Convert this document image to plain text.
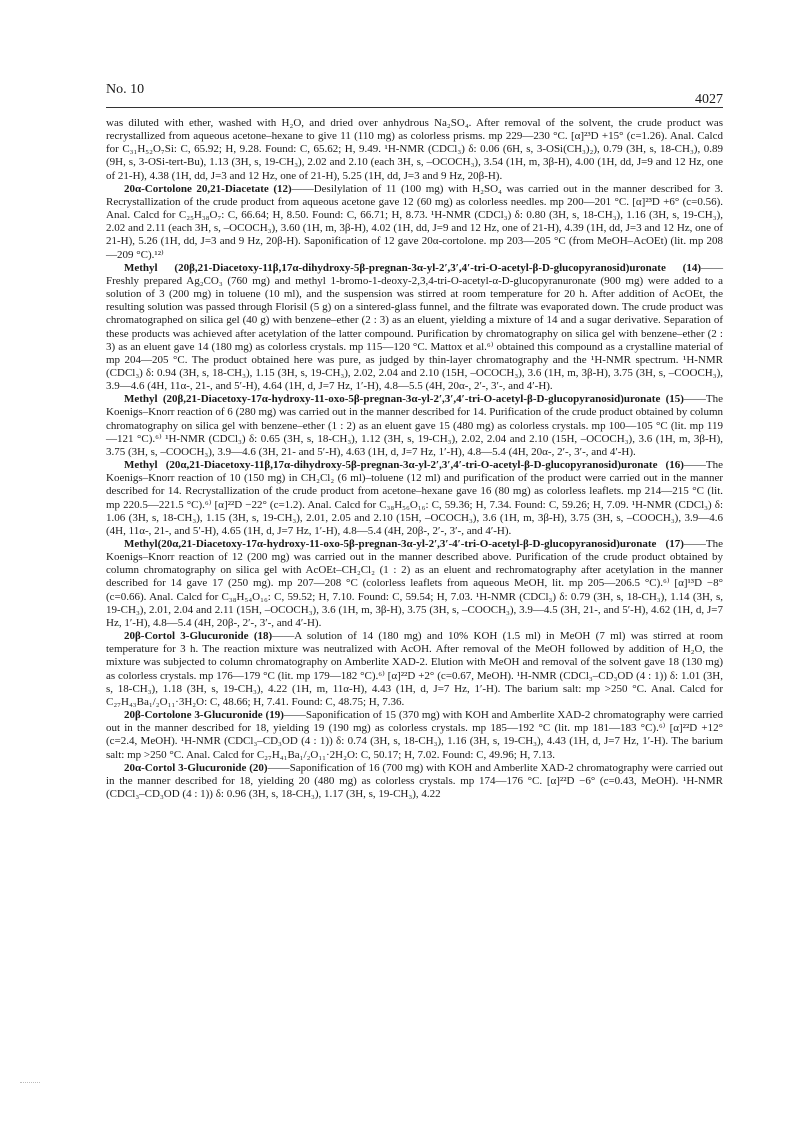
No. 10
4027

was diluted with ether, washed with H₂O, and dried over anhydrous Na₂SO₄. After removal of the solvent, the crude product was recrystallized from aqueous acetone–hexane to give 11 (110 mg) as colorless prisms. mp 229—230 °C. [α]²³D +15° (c=1.26). Anal. Calcd for C₃₁H₅₂O₇Si: C, 65.92; H, 9.28. Found: C, 65.62; H, 9.49. ¹H-NMR (CDCl₃) δ: 0.06 (6H, s, 3-OSi(CH₃)₂), 0.79 (3H, s, 18-CH₃), 0.89 (9H, s, 3-OSi-tert-Bu), 1.13 (3H, s, 19-CH₃), 2.02 and 2.10 (each 3H, s, –OCOCH₃), 3.54 (1H, m, 3β-H), 4.00 (1H, dd, J=9 and 12 Hz, one of 21-H), 4.38 (1H, dd, J=3 and 12 Hz, one of 21-H), 5.25 (1H, dd, J=3 and 9 Hz, 20β-H).

20α-Cortolone 20,21-Diacetate (12)——Desilylation of 11 (100 mg) with H₂SO₄ was carried out in the manner described for 3. Recrystallization of the crude product from aqueous acetone gave 12 (60 mg) as colorless needles. mp 200—201 °C. [α]²³D +6° (c=0.56). Anal. Calcd for C₂₅H₃₈O₇: C, 66.64; H, 8.50. Found: C, 66.71; H, 8.73. ¹H-NMR (CDCl₃) δ: 0.80 (3H, s, 18-CH₃), 1.16 (3H, s, 19-CH₃), 2.02 and 2.11 (each 3H, s, –OCOCH₃), 3.60 (1H, m, 3β-H), 4.02 (1H, dd, J=9 and 12 Hz, one of 21-H), 4.39 (1H, dd, J=3 and 12 Hz, one of 21-H), 5.26 (1H, dd, J=3 and 9 Hz, 20β-H). Saponification of 12 gave 20α-cortolone. mp 203—205 °C (from MeOH–AcOEt) (lit. mp 208—209 °C).¹²⁾

Methyl (20β,21-Diacetoxy-11β,17α-dihydroxy-5β-pregnan-3α-yl-2′,3′,4′-tri-O-acetyl-β-D-glucopyranosid)uronate (14)——Freshly prepared Ag₂CO₃ (760 mg) and methyl 1-bromo-1-deoxy-2,3,4-tri-O-acetyl-α-D-glucopyranuronate (900 mg) were added to a solution of 3 (200 mg) in toluene (10 ml), and the suspension was stirred at room temperature for 20 h. After addition of AcOEt, the resulting solution was passed through Florisil (5 g) on a sintered-glass funnel, and the filtrate was evaporated down. The crude product was chromatographed on silica gel (40 g) with benzene–ether (2 : 3) as an eluent, yielding a mixture of 14 and a sugar derivative. Separation of these products was achieved after acetylation of the latter compound. Purification by chromatography on silica gel with benzene–ether (2 : 3) as an eluent gave 14 (180 mg) as colorless crystals. mp 115—120 °C. Mattox et al.⁶⁾ obtained this compound as a crystalline material of mp 204—205 °C. The product obtained here was pure, as judged by thin-layer chromatography and the ¹H-NMR spectrum. ¹H-NMR (CDCl₃) δ: 0.94 (3H, s, 18-CH₃), 1.15 (3H, s, 19-CH₃), 2.02, 2.04 and 2.10 (15H, –OCOCH₃), 3.6 (1H, m, 3β-H), 3.75 (3H, s, –COOCH₃), 3.9—4.6 (4H, 11α-, 21-, and 5′-H), 4.64 (1H, d, J=7 Hz, 1′-H), 4.8—5.5 (4H, 20α-, 2′-, 3′-, and 4′-H).

Methyl (20β,21-Diacetoxy-17α-hydroxy-11-oxo-5β-pregnan-3α-yl-2′,3′,4′-tri-O-acetyl-β-D-glucopyranosid)uronate (15)——The Koenigs–Knorr reaction of 6 (280 mg) was carried out in the manner described for 14. Purification of the crude product obtained by column chromatography on silica gel with benzene–ether (1 : 2) as an eluent gave 15 (480 mg) as colorless crystals. mp 100—105 °C (lit. mp 119—121 °C).⁶⁾ ¹H-NMR (CDCl₃) δ: 0.65 (3H, s, 18-CH₃), 1.12 (3H, s, 19-CH₃), 2.02, 2.04 and 2.10 (15H, –OCOCH₃), 3.6 (1H, m, 3β-H), 3.75 (3H, s, –COOCH₃), 3.9—4.6 (3H, 21- and 5′-H), 4.63 (1H, d, J=7 Hz, 1′-H), 4.8—5.4 (4H, 20α-, 2′-, 3′-, and 4′-H).

Methyl (20α,21-Diacetoxy-11β,17α-dihydroxy-5β-pregnan-3α-yl-2′,3′,4′-tri-O-acetyl-β-D-glucopyranosid)uronate (16)——The Koenigs–Knorr reaction of 10 (150 mg) in CH₂Cl₂ (6 ml)–toluene (12 ml) and purification of the product were carried out in the manner described for 14. Recrystallization of the crude product from acetone–hexane gave 16 (80 mg) as colorless leaflets. mp 214—215 °C (lit. mp 220.5—221.5 °C).⁶⁾ [α]²²D −22° (c=1.2). Anal. Calcd for C₃₈H₅₆O₁₆: C, 59.36; H, 7.34. Found: C, 59.26; H, 7.09. ¹H-NMR (CDCl₃) δ: 1.06 (3H, s, 18-CH₃), 1.15 (3H, s, 19-CH₃), 2.01, 2.05 and 2.10 (15H, –OCOCH₃), 3.6 (1H, m, 3β-H), 3.75 (3H, s, –COOCH₃), 3.9—4.6 (4H, 11α-, 21-, and 5′-H), 4.65 (1H, d, J=7 Hz, 1′-H), 4.8—5.4 (4H, 20β-, 2′-, 3′-, and 4′-H).

Methyl(20α,21-Diacetoxy-17α-hydroxy-11-oxo-5β-pregnan-3α-yl-2′,3′-4′-tri-O-acetyl-β-D-glucopyranosid)uronate (17)——The Koenigs–Knorr reaction of 12 (200 mg) was carried out in the manner described above. Purification of the crude product obtained by column chromatography on silica gel with AcOEt–CH₂Cl₂ (1 : 2) as an eluent and rechromatography after acetylation in the manner described for 14 gave 17 (250 mg). mp 207—208 °C (colorless leaflets from aqueous MeOH, lit. mp 205—206.5 °C).⁶⁾ [α]¹³D −8° (c=0.66). Anal. Calcd for C₃₈H₅₄O₁₆: C, 59.52; H, 7.10. Found: C, 59.54; H, 7.03. ¹H-NMR (CDCl₃) δ: 0.79 (3H, s, 18-CH₃), 1.14 (3H, s, 19-CH₃), 2.01, 2.04 and 2.11 (15H, –OCOCH₃), 3.6 (1H, m, 3β-H), 3.75 (3H, s, –COOCH₃), 3.9—4.5 (3H, 21-, and 5′-H), 4.62 (1H, d, J=7 Hz, 1′-H), 4.8—5.4 (4H, 20β-, 2′-, 3′-, and 4′-H).

20β-Cortol 3-Glucuronide (18)——A solution of 14 (180 mg) and 10% KOH (1.5 ml) in MeOH (7 ml) was stirred at room temperature for 3 h. The reaction mixture was neutralized with AcOH. After removal of the MeOH followed by addition of H₂O, the mixture was subjected to column chromatography on Amberlite XAD-2. Elution with MeOH and removal of the solvent gave 18 (130 mg) as colorless crystals. mp 176—179 °C (lit. mp 179—182 °C).⁶⁾ [α]²²D +2° (c=0.67, MeOH). ¹H-NMR (CDCl₃–CD₃OD (4 : 1)) δ: 1.01 (3H, s, 18-CH₃), 1.18 (3H, s, 19-CH₃), 4.22 (1H, m, 11α-H), 4.43 (1H, d, J=7 Hz, 1′-H). The barium salt: mp >250 °C. Anal. Calcd for C₂₇H₄₃Ba₁/₂O₁₁·3H₂O: C, 48.66; H, 7.41. Found: C, 48.75; H, 7.36.

20β-Cortolone 3-Glucuronide (19)——Saponification of 15 (370 mg) with KOH and Amberlite XAD-2 chromatography were carried out in the manner described for 18, yielding 19 (190 mg) as colorless crystals. mp 185—192 °C (lit. mp 181—183 °C).⁶⁾ [α]²²D +12° (c=2.4, MeOH). ¹H-NMR (CDCl₃–CD₃OD (4 : 1)) δ: 0.74 (3H, s, 18-CH₃), 1.16 (3H, s, 19-CH₃), 4.43 (1H, d, J=7 Hz, 1′-H). The barium salt: mp >250 °C. Anal. Calcd for C₂₇H₄₁Ba₁/₂O₁₁·2H₂O: C, 50.17; H, 7.02. Found: C, 49.96; H, 7.13.

20α-Cortol 3-Glucuronide (20)——Saponification of 16 (700 mg) with KOH and Amberlite XAD-2 chromatography were carried out in the manner described for 18, yielding 20 (480 mg) as colorless crystals. mp 174—176 °C. [α]²²D −6° (c=0.43, MeOH). ¹H-NMR (CDCl₃–CD₃OD (4 : 1)) δ: 0.96 (3H, s, 18-CH₃), 1.17 (3H, s, 19-CH₃), 4.22
